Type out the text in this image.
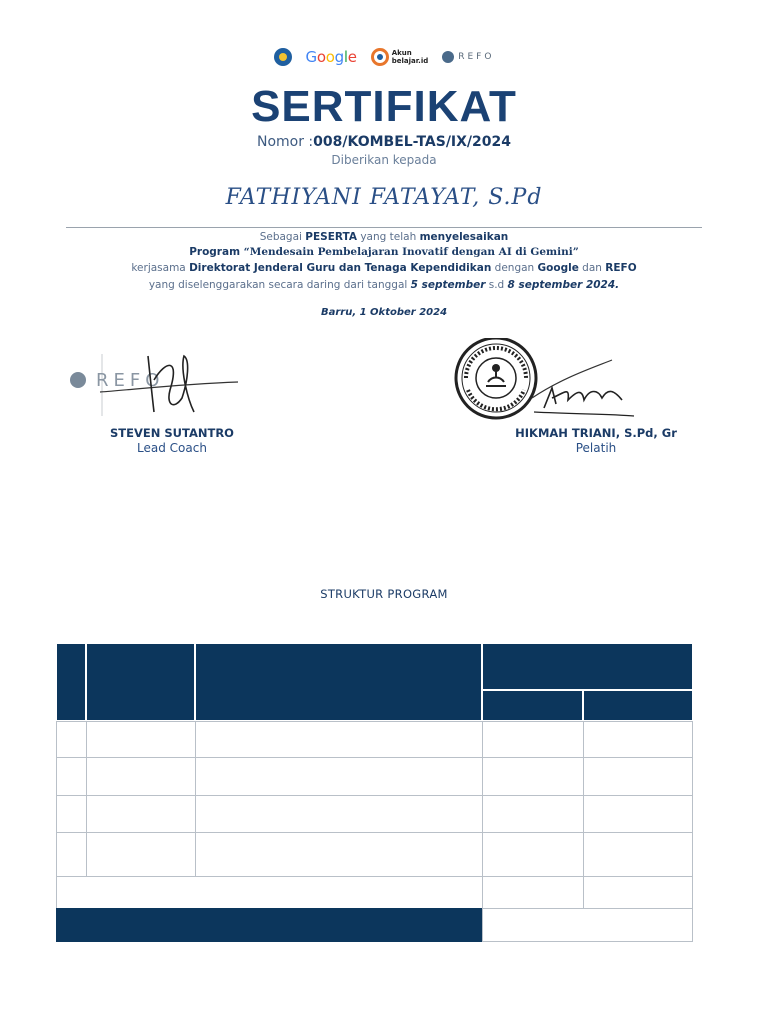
Google	Akun
belajar.id	REFO
SERTIFIKAT
Nomor :008/KOMBEL-TAS/IX/2024
Diberikan kepada
FATHIYANI FATAYAT, S.Pd
Sebagai PESERTA yang telah menyelesaikan
Program “Mendesain Pembelajaran Inovatif dengan AI di Gemini”
kerjasama Direktorat Jenderal Guru dan Tenaga Kependidikan dengan Google dan REFO
yang diselenggarakan secara daring dari tanggal 5 september s.d 8 september 2024.
Barru, 1 Oktober 2024
REFO
STEVEN SUTANTRO
Lead Coach
HIKMAH TRIANI, S.Pd, Gr
Pelatih
STRUKTUR PROGRAM
